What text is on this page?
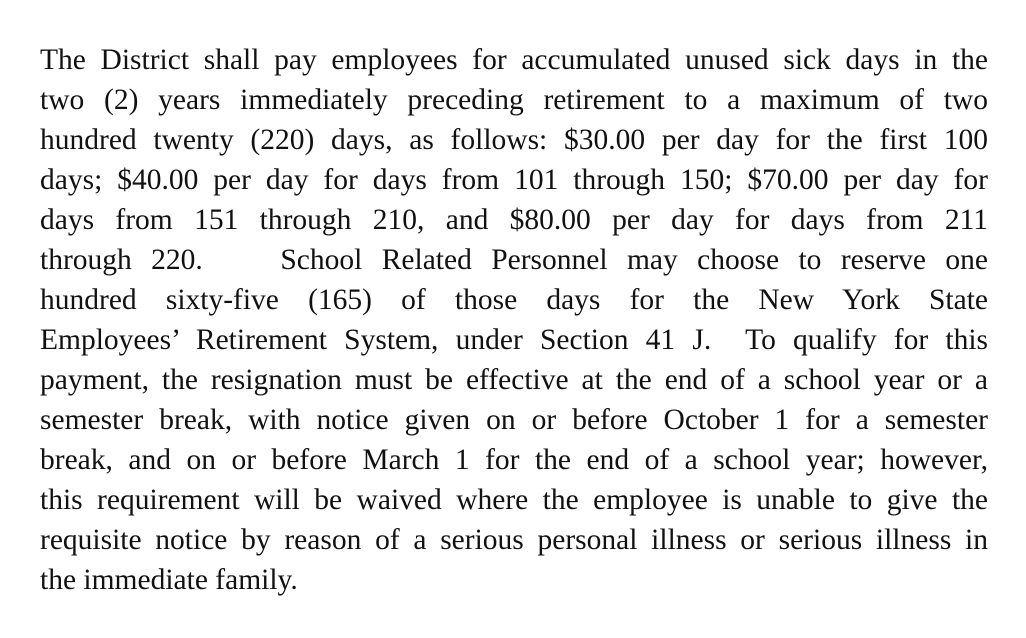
The District shall pay employees for accumulated unused sick days in the
two (2) years immediately preceding retirement to a maximum of two
hundred twenty (220) days, as follows: $30.00 per day for the first 100
days; $40.00 per day for days from 101 through 150; $70.00 per day for
days from 151 through 210, and $80.00 per day for days from 211
through 220.    School Related Personnel may choose to reserve one
hundred sixty-five (165) of those days for the New York State
Employees’ Retirement System, under Section 41 J.  To qualify for this
payment, the resignation must be effective at the end of a school year or a
semester break, with notice given on or before October 1 for a semester
break, and on or before March 1 for the end of a school year; however,
this requirement will be waived where the employee is unable to give the
requisite notice by reason of a serious personal illness or serious illness in
the immediate family.
